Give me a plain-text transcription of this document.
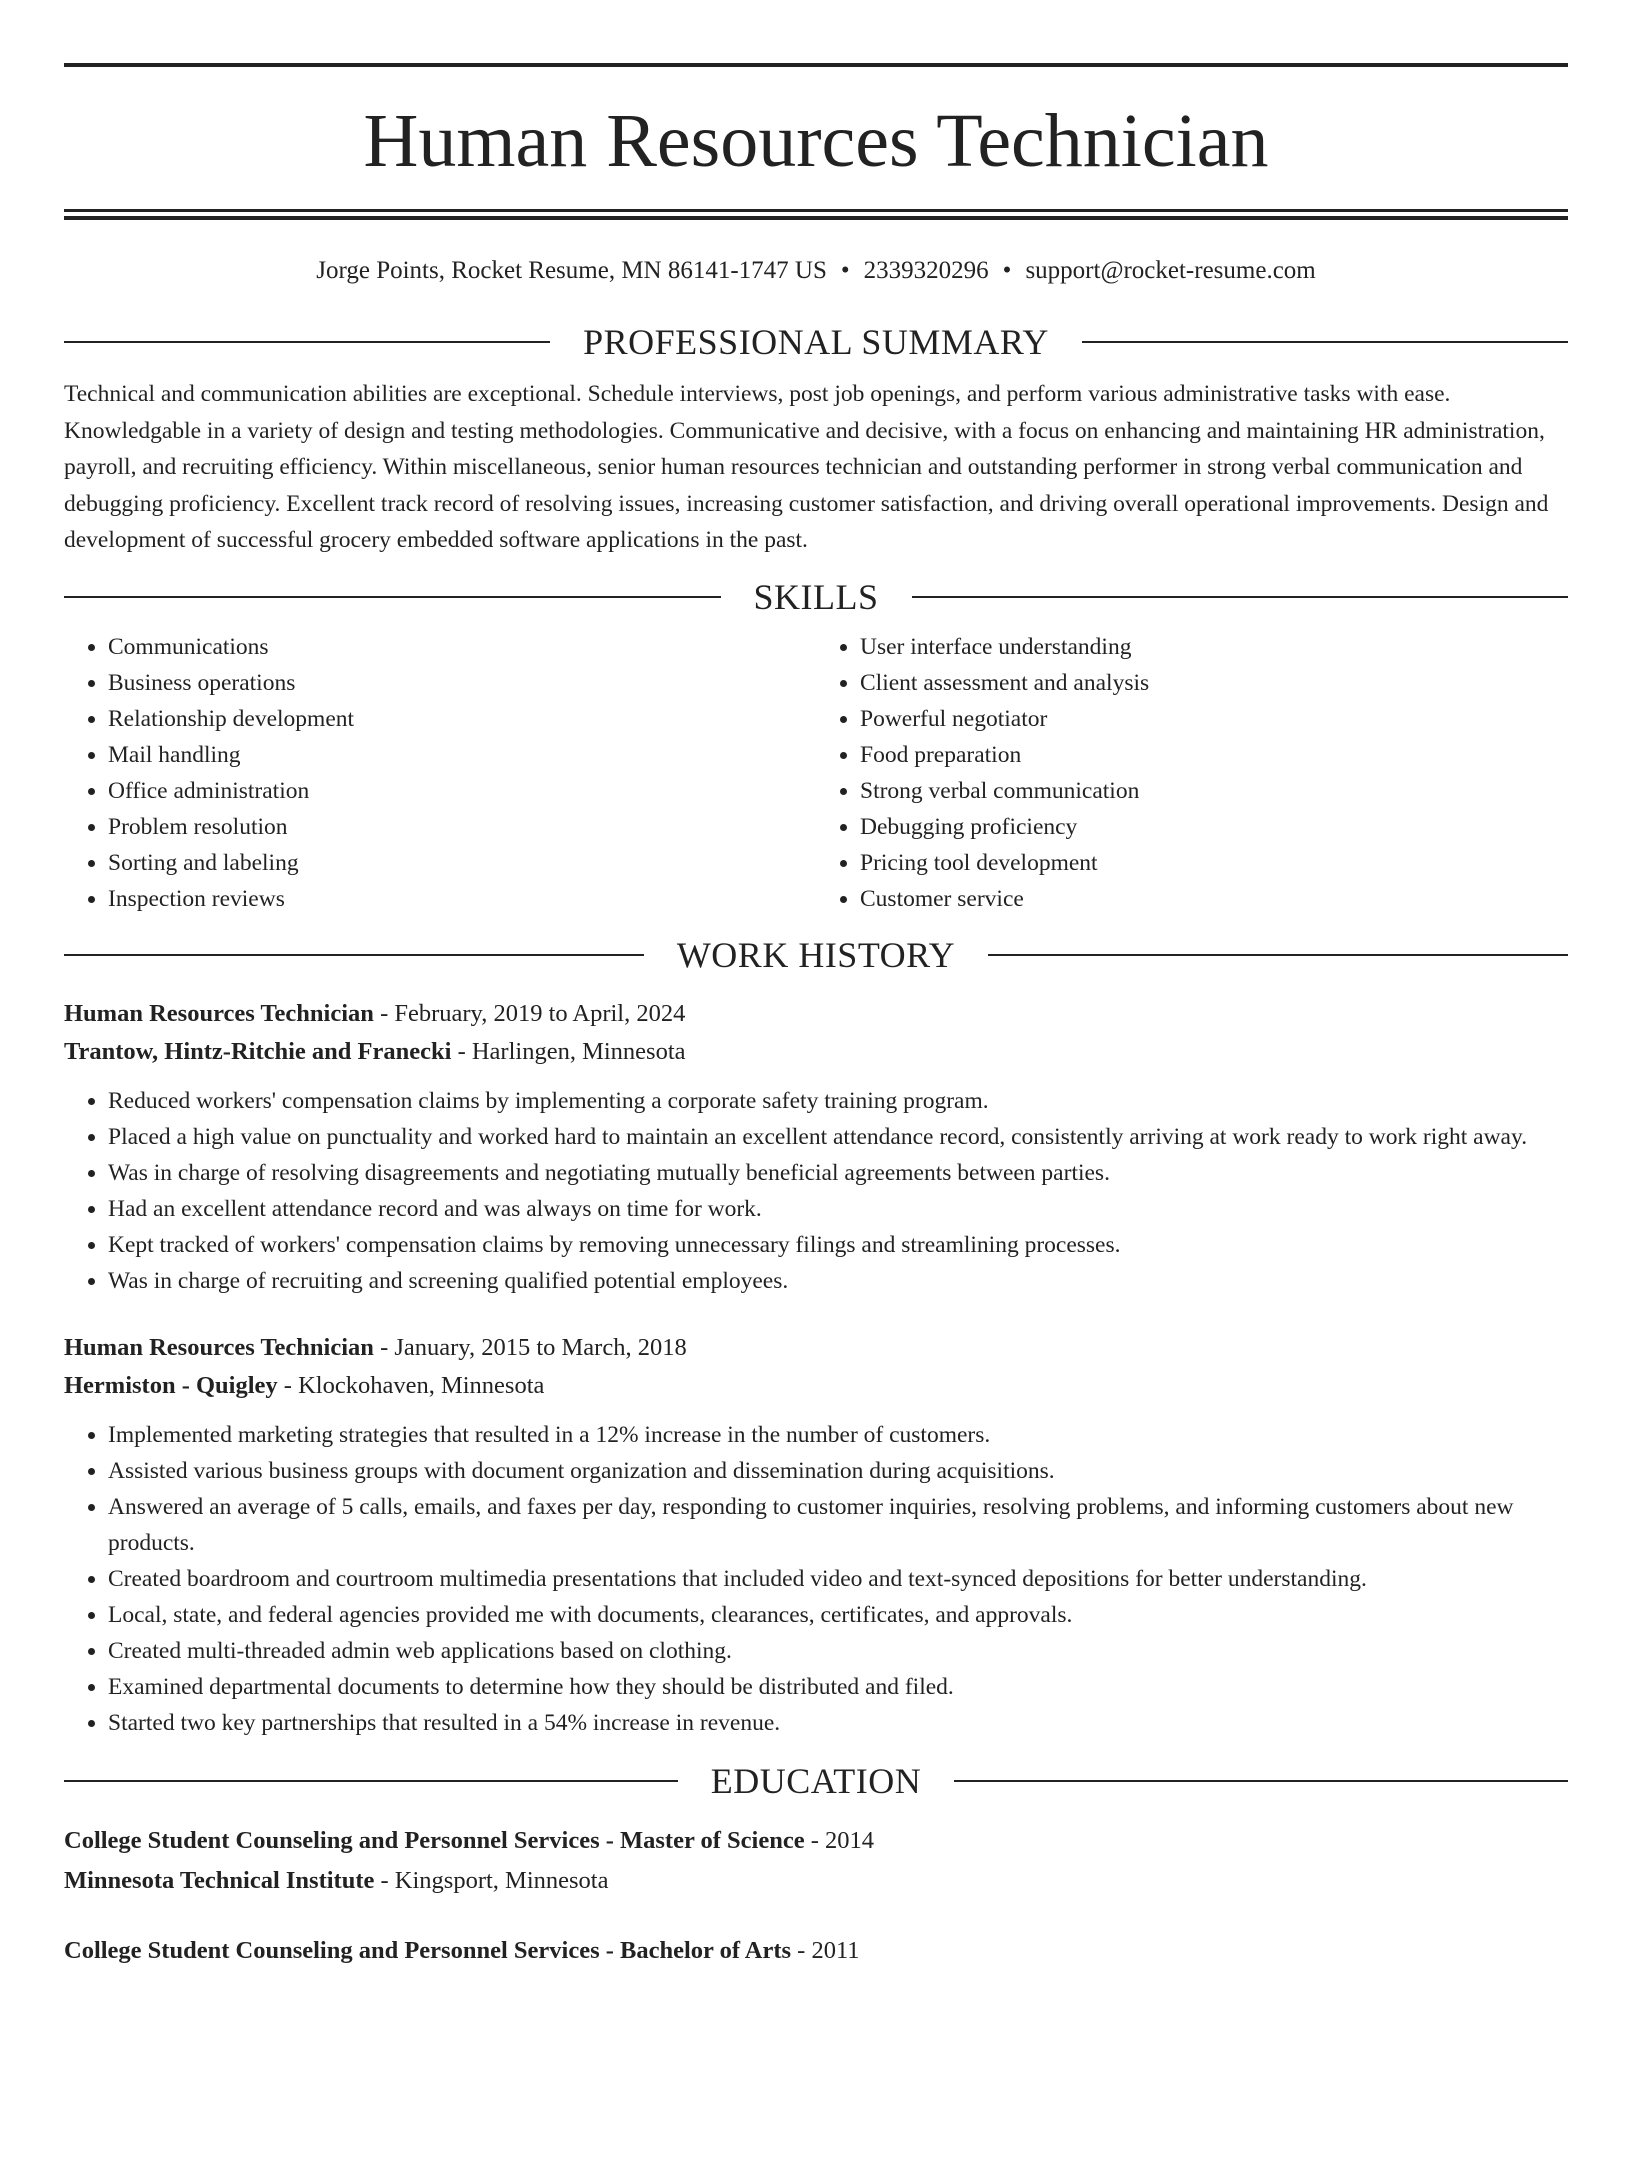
Human Resources Technician
Jorge Points, Rocket Resume, MN 86141-1747 US • 2339320296 • support@rocket-resume.com
PROFESSIONAL SUMMARY
Technical and communication abilities are exceptional. Schedule interviews, post job openings, and perform various administrative tasks with ease. Knowledgable in a variety of design and testing methodologies. Communicative and decisive, with a focus on enhancing and maintaining HR administration, payroll, and recruiting efficiency. Within miscellaneous, senior human resources technician and outstanding performer in strong verbal communication and debugging proficiency. Excellent track record of resolving issues, increasing customer satisfaction, and driving overall operational improvements. Design and development of successful grocery embedded software applications in the past.
SKILLS
• Communications
• Business operations
• Relationship development
• Mail handling
• Office administration
• Problem resolution
• Sorting and labeling
• Inspection reviews
• User interface understanding
• Client assessment and analysis
• Powerful negotiator
• Food preparation
• Strong verbal communication
• Debugging proficiency
• Pricing tool development
• Customer service
WORK HISTORY
Human Resources Technician - February, 2019 to April, 2024
Trantow, Hintz-Ritchie and Franecki - Harlingen, Minnesota
• Reduced workers' compensation claims by implementing a corporate safety training program.
• Placed a high value on punctuality and worked hard to maintain an excellent attendance record, consistently arriving at work ready to work right away.
• Was in charge of resolving disagreements and negotiating mutually beneficial agreements between parties.
• Had an excellent attendance record and was always on time for work.
• Kept tracked of workers' compensation claims by removing unnecessary filings and streamlining processes.
• Was in charge of recruiting and screening qualified potential employees.
Human Resources Technician - January, 2015 to March, 2018
Hermiston - Quigley - Klockohaven, Minnesota
• Implemented marketing strategies that resulted in a 12% increase in the number of customers.
• Assisted various business groups with document organization and dissemination during acquisitions.
• Answered an average of 5 calls, emails, and faxes per day, responding to customer inquiries, resolving problems, and informing customers about new products.
• Created boardroom and courtroom multimedia presentations that included video and text-synced depositions for better understanding.
• Local, state, and federal agencies provided me with documents, clearances, certificates, and approvals.
• Created multi-threaded admin web applications based on clothing.
• Examined departmental documents to determine how they should be distributed and filed.
• Started two key partnerships that resulted in a 54% increase in revenue.
EDUCATION
College Student Counseling and Personnel Services - Master of Science - 2014
Minnesota Technical Institute - Kingsport, Minnesota
College Student Counseling and Personnel Services - Bachelor of Arts - 2011
